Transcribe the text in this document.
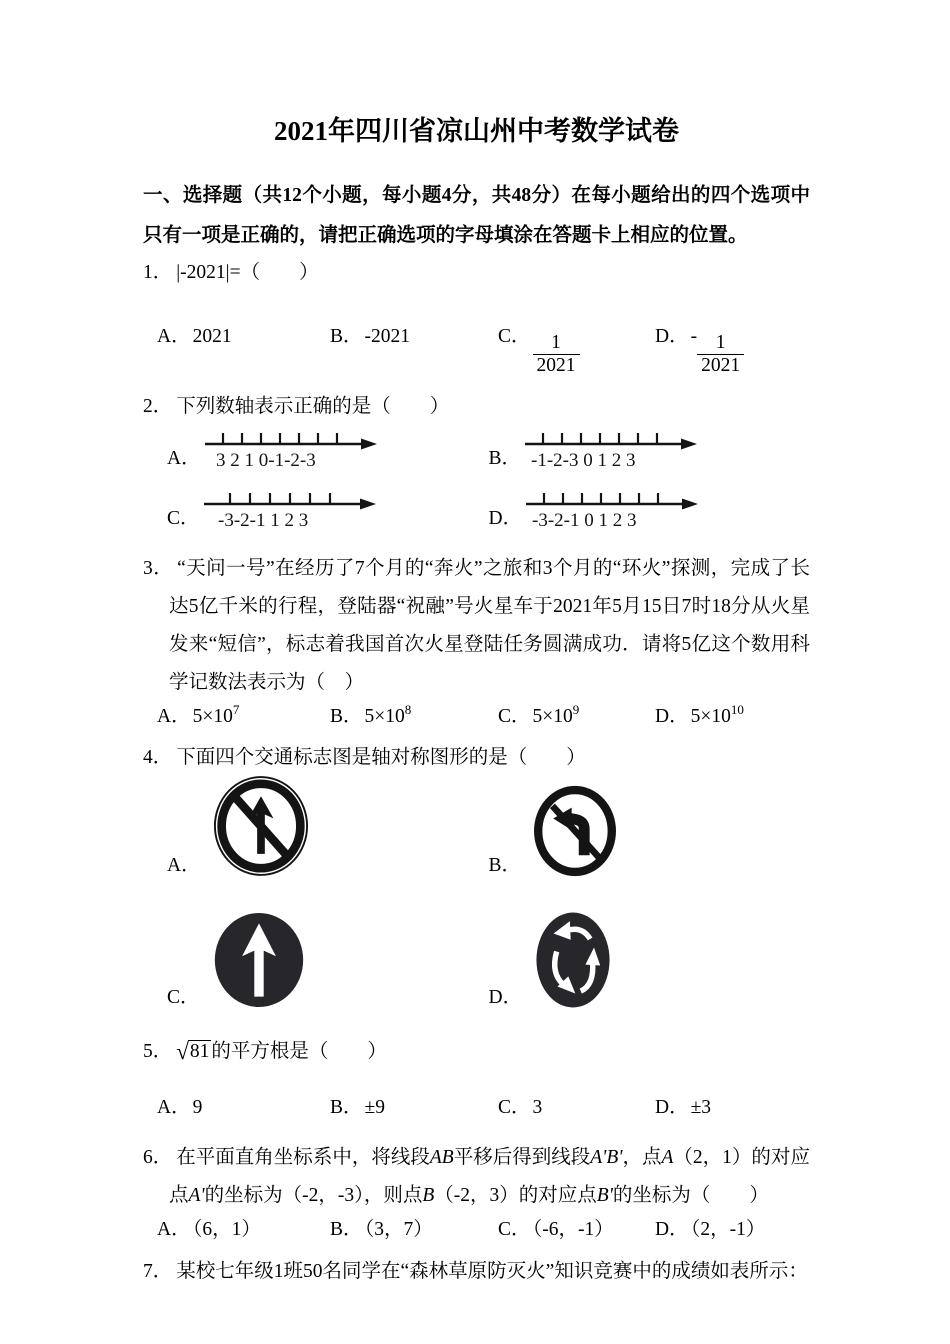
2021年四川省凉山州中考数学试卷

一、选择题（共12个小题，每小题4分，共48分）在每小题给出的四个选项中只有一项是正确的，请把正确选项的字母填涂在答题卡上相应的位置。

1． |-2021|=（　　）

A． 2021	B． -2021	C． $\frac{1}{2021}$	D． - $\frac{1}{2021}$

2． 下列数轴表示正确的是（　　）

A． 3 2 1 0-1-2-3	B． -1-2-3 0 1 2 3
C． -3-2-1 1 2 3	D． -3-2-1 0 1 2 3

3． “天问一号”在经历了7个月的“奔火”之旅和3个月的“环火”探测，完成了长达5亿千米的行程，登陆器“祝融”号火星车于2021年5月15日7时18分从火星发来“短信”，标志着我国首次火星登陆任务圆满成功．请将5亿这个数用科学记数法表示为（　）

A． $5\times 10^7$	B． $5\times 10^8$	C． $5\times 10^9$	D． $5\times 10^{10}$

4． 下面四个交通标志图是轴对称图形的是（　　）

A．	B．
C．	D．

5． √81 的平方根是（　　）

A． 9	B． ±9	C． 3	D． ±3

6． 在平面直角坐标系中，将线段AB平移后得到线段A'B'，点A（2，1）的对应点A'的坐标为（-2，-3），则点B（-2，3）的对应点B'的坐标为（　　）

A． （6，1）	B． （3，7）	C． （-6，-1）	D． （2，-1）

7． 某校七年级1班50名同学在“森林草原防灭火”知识竞赛中的成绩如表所示：
